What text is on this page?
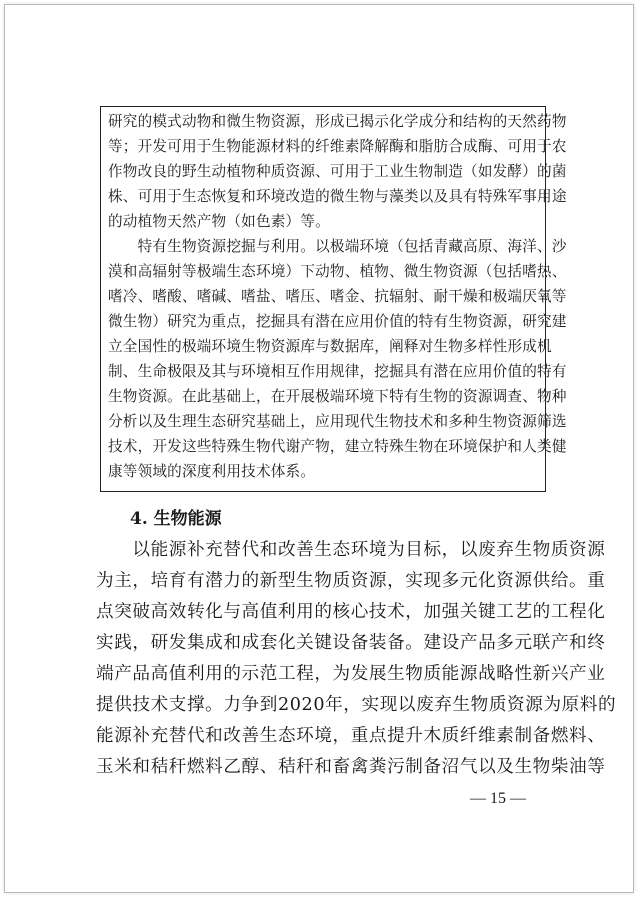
研究的模式动物和微生物资源，形成已揭示化学成分和结构的天然药物
等；开发可用于生物能源材料的纤维素降解酶和脂肪合成酶、可用于农
作物改良的野生动植物种质资源、可用于工业生物制造（如发酵）的菌
株、可用于生态恢复和环境改造的微生物与藻类以及具有特殊军事用途
的动植物天然产物（如色素）等。
　　特有生物资源挖掘与利用。以极端环境（包括青藏高原、海洋、沙
漠和高辐射等极端生态环境）下动物、植物、微生物资源（包括嗜热、
嗜冷、嗜酸、嗜碱、嗜盐、嗜压、嗜金、抗辐射、耐干燥和极端厌氧等
微生物）研究为重点，挖掘具有潜在应用价值的特有生物资源，研究建
立全国性的极端环境生物资源库与数据库，阐释对生物多样性形成机
制、生命极限及其与环境相互作用规律，挖掘具有潜在应用价值的特有
生物资源。在此基础上，在开展极端环境下特有生物的资源调查、物种
分析以及生理生态研究基础上，应用现代生物技术和多种生物资源筛选
技术，开发这些特殊生物代谢产物，建立特殊生物在环境保护和人类健
康等领域的深度利用技术体系。
4. 生物能源
　　以能源补充替代和改善生态环境为目标，以废弃生物质资源
为主，培育有潜力的新型生物质资源，实现多元化资源供给。重
点突破高效转化与高值利用的核心技术，加强关键工艺的工程化
实践，研发集成和成套化关键设备装备。建设产品多元联产和终
端产品高值利用的示范工程，为发展生物质能源战略性新兴产业
提供技术支撑。力争到2020年，实现以废弃生物质资源为原料的
能源补充替代和改善生态环境，重点提升木质纤维素制备燃料、
玉米和秸秆燃料乙醇、秸秆和畜禽粪污制备沼气以及生物柴油等
— 15 —
